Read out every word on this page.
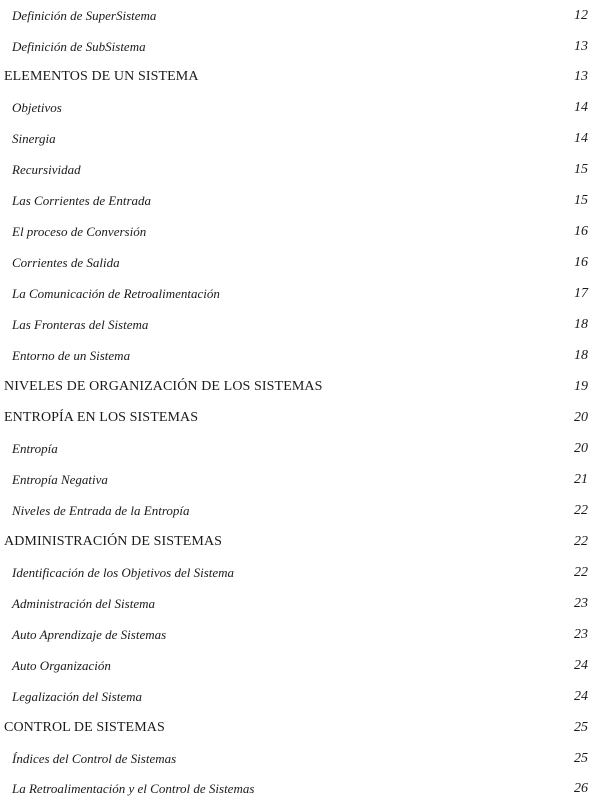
Definición de SuperSistema	12
Definición de SubSistema	13
ELEMENTOS DE UN SISTEMA	13
Objetivos	14
Sinergia	14
Recursividad	15
Las Corrientes de Entrada	15
El proceso de Conversión	16
Corrientes de Salida	16
La Comunicación de Retroalimentación	17
Las Fronteras del Sistema	18
Entorno de un Sistema	18
NIVELES DE ORGANIZACIÓN DE LOS SISTEMAS	19
ENTROPÍA EN LOS SISTEMAS	20
Entropía	20
Entropía Negativa	21
Niveles de Entrada de la Entropía	22
ADMINISTRACIÓN DE SISTEMAS	22
Identificación de los Objetivos del Sistema	22
Administración del Sistema	23
Auto Aprendizaje de Sistemas	23
Auto Organización	24
Legalización del Sistema	24
CONTROL DE SISTEMAS	25
Índices del Control de Sistemas	25
La Retroalimentación y el Control de Sistemas	26
